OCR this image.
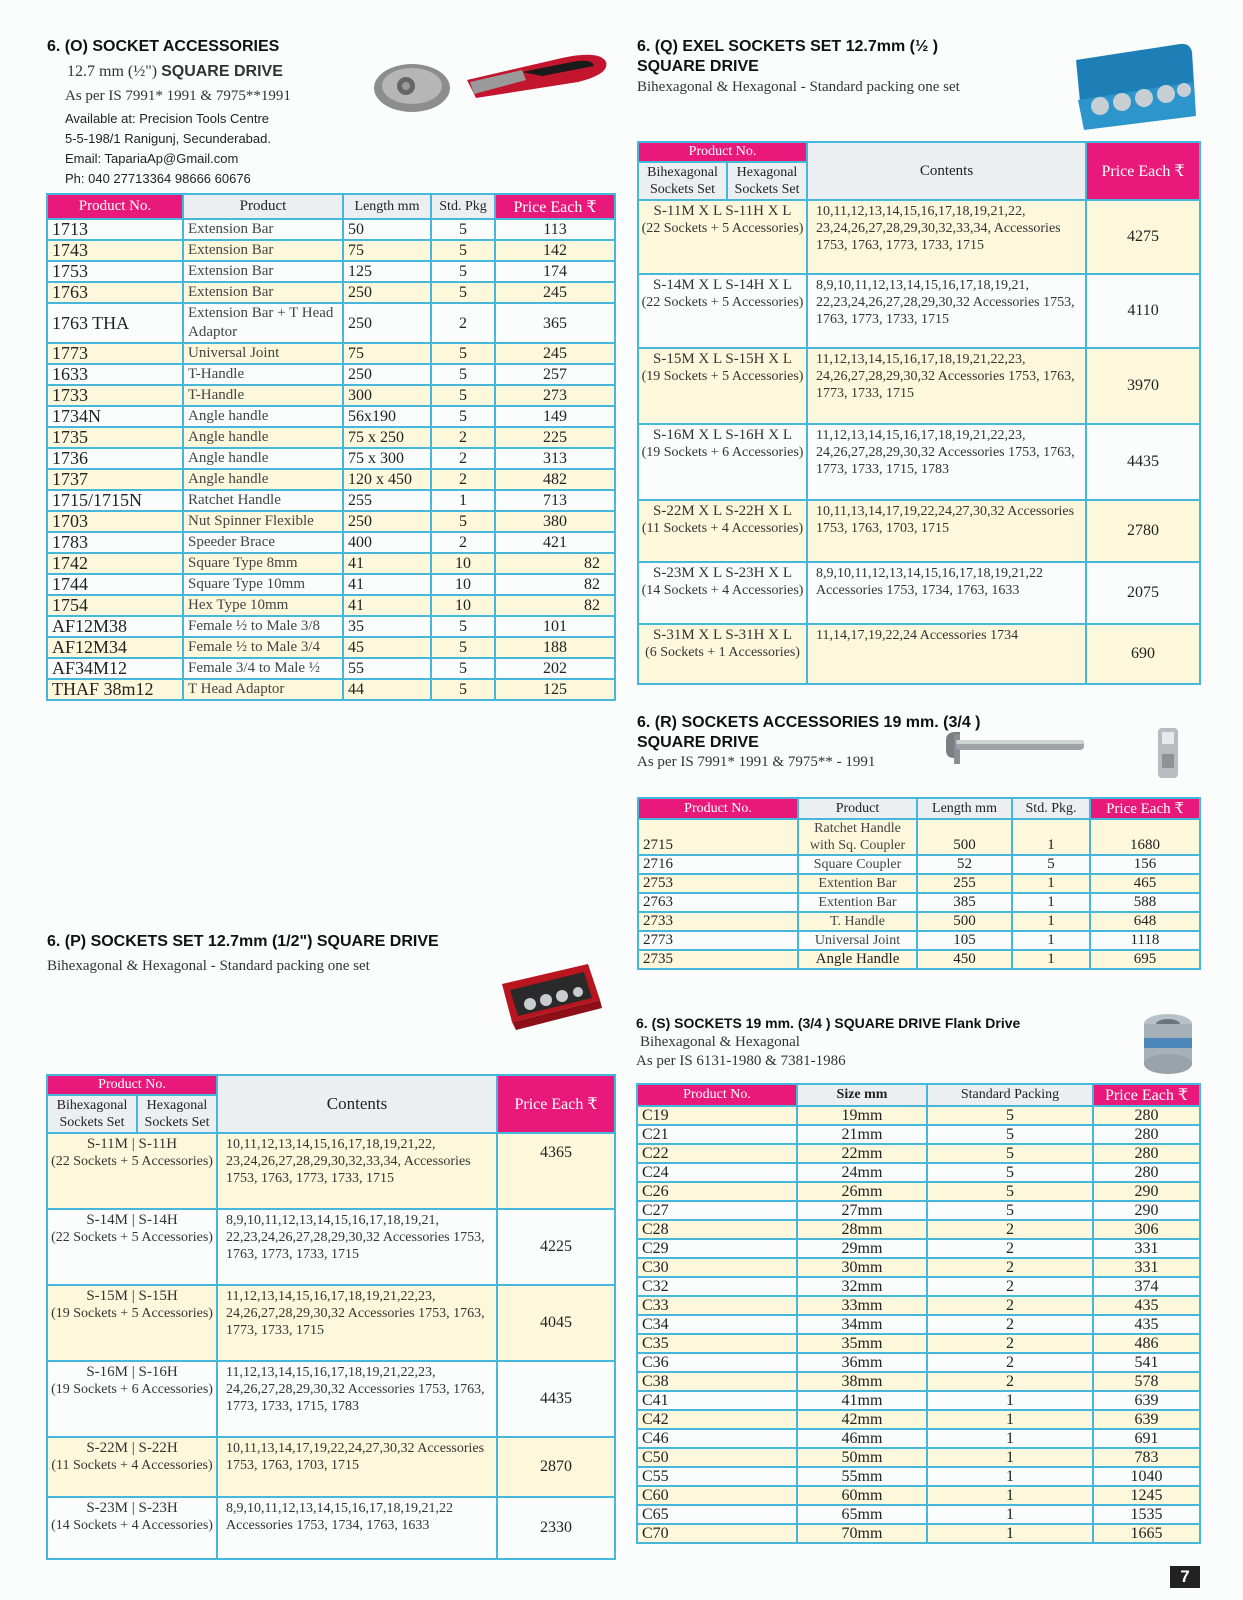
6. (O) SOCKET ACCESSORIES
12.7 mm (½") SQUARE DRIVE
As per IS 7991* 1991 & 7975**1991
Available at: Precision Tools Centre
5-5-198/1 Ranigunj, Secunderabad.
Email: TapariaAp@Gmail.com
Ph: 040 27713364 98666 60676
Product No.	Product	Length mm	Std. Pkg	Price Each ₹
1713	Extension Bar	50	5	113
1743	Extension Bar	75	5	142
1753	Extension Bar	125	5	174
1763	Extension Bar	250	5	245
1763 THA	Extension Bar + T Head Adaptor	250	2	365
1773	Universal Joint	75	5	245
1633	T-Handle	250	5	257
1733	T-Handle	300	5	273
1734N	Angle handle	56x190	5	149
1735	Angle handle	75 x 250	2	225
1736	Angle handle	75 x 300	2	313
1737	Angle handle	120 x 450	2	482
1715/1715N	Ratchet Handle	255	1	713
1703	Nut Spinner Flexible	250	5	380
1783	Speeder Brace	400	2	421
1742	Square Type 8mm	41	10	82
1744	Square Type 10mm	41	10	82
1754	Hex Type 10mm	41	10	82
AF12M38	Female ½ to Male 3/8	35	5	101
AF12M34	Female ½ to Male 3/4	45	5	188
AF34M12	Female 3/4 to Male ½	55	5	202
THAF 38m12	T Head Adaptor	44	5	125
6. (Q) EXEL SOCKETS SET 12.7mm (½ )
SQUARE DRIVE
Bihexagonal & Hexagonal - Standard packing one set
Product No.		Contents	Price Each ₹
Bihexagonal Sockets Set	Hexagonal Sockets Set		

S-11M X L S-11H X L
(22 Sockets + 5 Accessories)		10,11,12,13,14,15,16,17,18,19,21,22, 23,24,26,27,28,29,30,32,33,34, Accessories 1753, 1763, 1773, 1733, 1715	4275

S-14M X L S-14H X L
(22 Sockets + 5 Accessories)		8,9,10,11,12,13,14,15,16,17,18,19,21, 22,23,24,26,27,28,29,30,32 Accessories 1753, 1763, 1773, 1733, 1715	4110

S-15M X L S-15H X L
(19 Sockets + 5 Accessories)		11,12,13,14,15,16,17,18,19,21,22,23, 24,26,27,28,29,30,32 Accessories 1753, 1763, 1773, 1733, 1715	3970

S-16M X L S-16H X L
(19 Sockets + 6 Accessories)		11,12,13,14,15,16,17,18,19,21,22,23, 24,26,27,28,29,30,32 Accessories 1753, 1763, 1773, 1733, 1715, 1783	4435

S-22M X L S-22H X L
(11 Sockets + 4 Accessories)		10,11,13,14,17,19,22,24,27,30,32 Accessories 1753, 1763, 1703, 1715	2780

S-23M X L S-23H X L
(14 Sockets + 4 Accessories)		8,9,10,11,12,13,14,15,16,17,18,19,21,22 Accessories 1753, 1734, 1763, 1633	2075

S-31M X L S-31H X L
(6 Sockets + 1 Accessories)		11,14,17,19,22,24 Accessories 1734	690
6. (R) SOCKETS ACCESSORIES 19 mm. (3/4 )
SQUARE DRIVE
As per IS 7991* 1991 & 7975** - 1991
Product No.	Product	Length mm	Std. Pkg.	Price Each ₹
2715	Ratchet Handle with Sq. Coupler	500	1	1680
2716	Square Coupler	52	5	156
2753	Extention Bar	255	1	465
2763	Extention Bar	385	1	588
2733	T. Handle	500	1	648
2773	Universal Joint	105	1	1118
2735	Angle Handle	450	1	695
6. (P) SOCKETS SET 12.7mm (1/2") SQUARE DRIVE
Bihexagonal & Hexagonal - Standard packing one set
Product No.		Contents	Price Each ₹
Bihexagonal Sockets Set	Hexagonal Sockets Set		

S-11M | S-11H
(22 Sockets + 5 Accessories)		10,11,12,13,14,15,16,17,18,19,21,22, 23,24,26,27,28,29,30,32,33,34, Accessories 1753, 1763, 1773, 1733, 1715	4365

S-14M | S-14H
(22 Sockets + 5 Accessories)		8,9,10,11,12,13,14,15,16,17,18,19,21, 22,23,24,26,27,28,29,30,32 Accessories 1753, 1763, 1773, 1733, 1715	4225

S-15M | S-15H
(19 Sockets + 5 Accessories)		11,12,13,14,15,16,17,18,19,21,22,23, 24,26,27,28,29,30,32 Accessories 1753, 1763, 1773, 1733, 1715	4045

S-16M | S-16H
(19 Sockets + 6 Accessories)		11,12,13,14,15,16,17,18,19,21,22,23, 24,26,27,28,29,30,32 Accessories 1753, 1763, 1773, 1733, 1715, 1783	4435

S-22M | S-22H
(11 Sockets + 4 Accessories)		10,11,13,14,17,19,22,24,27,30,32 Accessories 1753, 1763, 1703, 1715	2870

S-23M | S-23H
(14 Sockets + 4 Accessories)		8,9,10,11,12,13,14,15,16,17,18,19,21,22 Accessories 1753, 1734, 1763, 1633	2330
6. (S) SOCKETS 19 mm. (3/4 ) SQUARE DRIVE Flank Drive
Bihexagonal & Hexagonal
As per IS 6131-1980 & 7381-1986
Product No.	Size mm	Standard Packing	Price Each ₹
C19	19mm	5	280
C21	21mm	5	280
C22	22mm	5	280
C24	24mm	5	280
C26	26mm	5	290
C27	27mm	5	290
C28	28mm	2	306
C29	29mm	2	331
C30	30mm	2	331
C32	32mm	2	374
C33	33mm	2	435
C34	34mm	2	435
C35	35mm	2	486
C36	36mm	2	541
C38	38mm	2	578
C41	41mm	1	639
C42	42mm	1	639
C46	46mm	1	691
C50	50mm	1	783
C55	55mm	1	1040
C60	60mm	1	1245
C65	65mm	1	1535
C70	70mm	1	1665
7
